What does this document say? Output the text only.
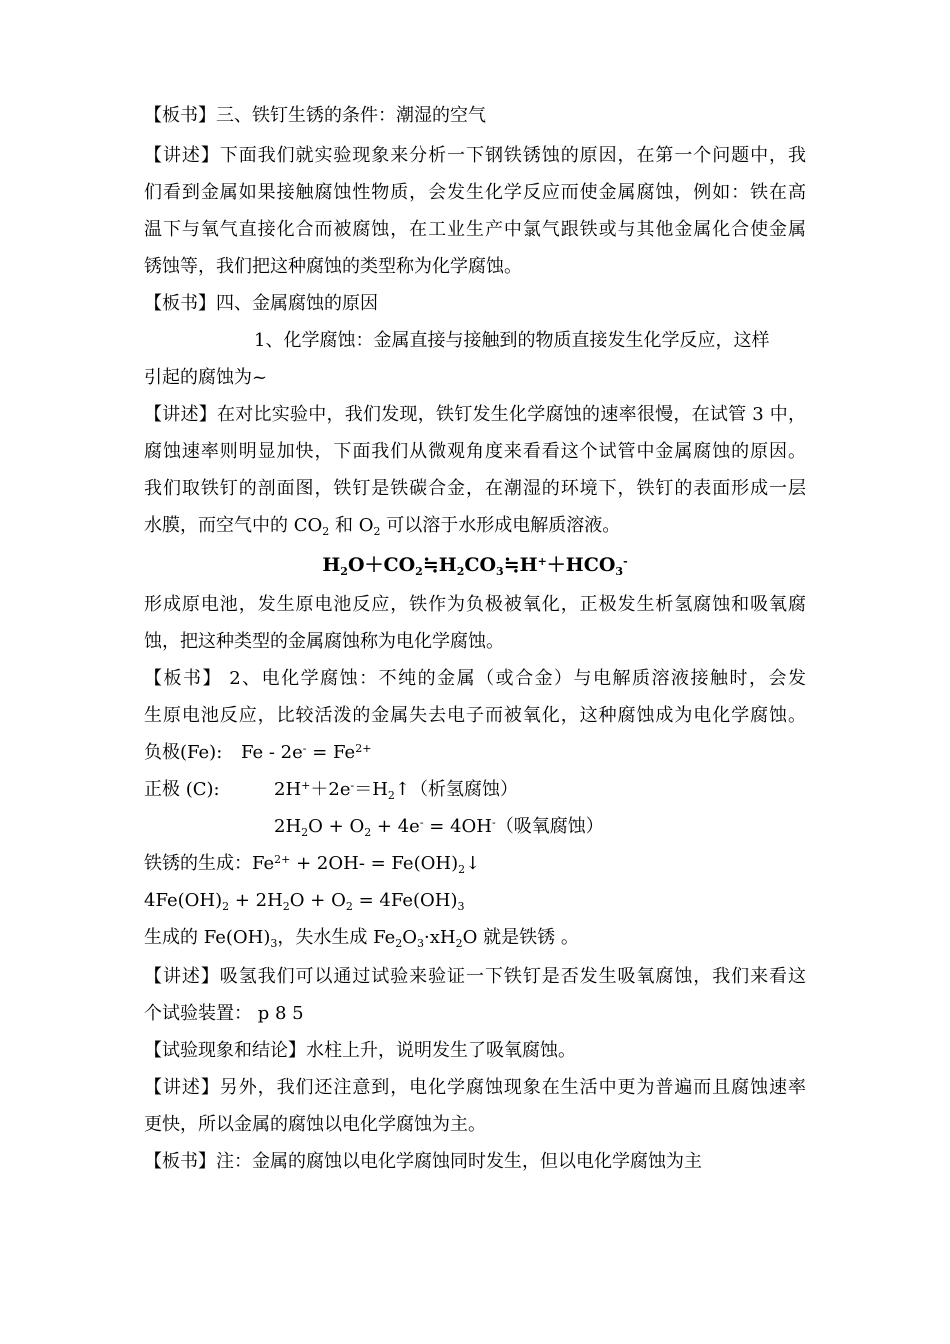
【板书】三、铁钉生锈的条件：潮湿的空气
【讲述】下面我们就实验现象来分析一下钢铁锈蚀的原因，在第一个问题中，我
们看到金属如果接触腐蚀性物质，会发生化学反应而使金属腐蚀，例如：铁在高
温下与氧气直接化合而被腐蚀，在工业生产中氯气跟铁或与其他金属化合使金属
锈蚀等，我们把这种腐蚀的类型称为化学腐蚀。
【板书】四、金属腐蚀的原因
1、化学腐蚀：金属直接与接触到的物质直接发生化学反应，这样
引起的腐蚀为~
【讲述】在对比实验中，我们发现，铁钉发生化学腐蚀的速率很慢，在试管 3 中，
腐蚀速率则明显加快，下面我们从微观角度来看看这个试管中金属腐蚀的原因。
我们取铁钉的剖面图，铁钉是铁碳合金，在潮湿的环境下，铁钉的表面形成一层
水膜，而空气中的 $CO_2$ 和 $O_2$ 可以溶于水形成电解质溶液。
$H_2O+CO_2≒H_2CO_3≒H^++HCO_3^-$
形成原电池，发生原电池反应，铁作为负极被氧化，正极发生析氢腐蚀和吸氧腐
蚀，把这种类型的金属腐蚀称为电化学腐蚀。
【板书】 2、电化学腐蚀：不纯的金属（或合金）与电解质溶液接触时，会发
生原电池反应，比较活泼的金属失去电子而被氧化，这种腐蚀成为电化学腐蚀。
负极(Fe): $Fe - 2e^- = Fe^{2+}$
正极 (C):	$2H^++2e^-=H_2↑$（析氢腐蚀）
$2H_2O + O_2 + 4e^- = 4OH^-$（吸氧腐蚀）
铁锈的生成：$Fe^{2+} + 2OH-$ = $Fe(OH)_2↓$
$4Fe(OH)_2 + 2H_2O + O_2 = 4Fe(OH)_3$
生成的 $Fe(OH)_3$，失水生成 $Fe_2O_3\cdot xH_2O$ 就是铁锈 。
【讲述】吸氢我们可以通过试验来验证一下铁钉是否发生吸氧腐蚀，我们来看这
个试验装置： p 8 5
【试验现象和结论】水柱上升，说明发生了吸氧腐蚀。
【讲述】另外，我们还注意到，电化学腐蚀现象在生活中更为普遍而且腐蚀速率
更快，所以金属的腐蚀以电化学腐蚀为主。
【板书】注：金属的腐蚀以电化学腐蚀同时发生，但以电化学腐蚀为主
